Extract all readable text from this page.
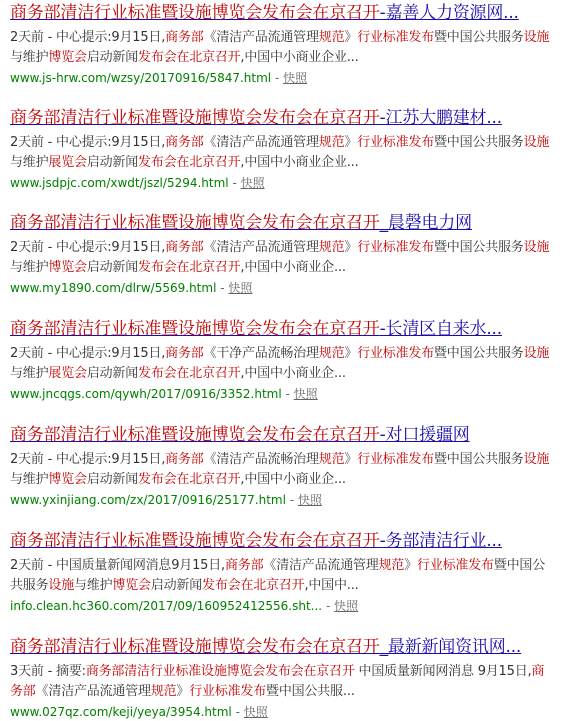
商务部清洁行业标准暨设施博览会发布会在京召开-嘉善人力资源网...
2天前 - 中心提示:9月15日,商务部《清洁产品流通管理规范》行业标准发布暨中国公共服务设施与维护博览会启动新闻发布会在北京召开,中国中小商业企业...
www.js-hrw.com/wzsy/20170916/5847.html - 快照
商务部清洁行业标准暨设施博览会发布会在京召开-江苏大鹏建材...
2天前 - 中心提示:9月15日,商务部《清洁产品流通管理规范》行业标准发布暨中国公共服务设施与维护展览会启动新闻发布会在北京召开,中国中小商业企业...
www.jsdpjc.com/xwdt/jszl/5294.html - 快照
商务部清洁行业标准暨设施博览会发布会在京召开_晨磬电力网
2天前 - 中心提示:9月15日,商务部《清洁产品流通管理规范》行业标准发布暨中国公共服务设施与维护博览会启动新闻发布会在北京召开,中国中小商业企...
www.my1890.com/dlrw/5569.html - 快照
商务部清洁行业标准暨设施博览会发布会在京召开-长清区自来水...
2天前 - 中心提示:9月15日,商务部《干净产品流畅治理规范》行业标准发布暨中国公共服务设施与维护展览会启动新闻发布会在北京召开,中国中小商业企...
www.jncqgs.com/qywh/2017/0916/3352.html - 快照
商务部清洁行业标准暨设施博览会发布会在京召开-对口援疆网
2天前 - 中心提示:9月15日,商务部《清洁产品流畅治理规范》行业标准发布暨中国公共服务设施与维护博览会启动新闻发布会在北京召开,中国中小商业企...
www.yxinjiang.com/zx/2017/0916/25177.html - 快照
商务部清洁行业标准暨设施博览会发布会在京召开-务部清洁行业...
2天前 - 中国质量新闻网消息9月15日,商务部《清洁产品流通管理规范》行业标准发布暨中国公共服务设施与维护博览会启动新闻发布会在北京召开,中国中...
info.clean.hc360.com/2017/09/160952412556.sht... - 快照
商务部清洁行业标准暨设施博览会发布会在京召开_最新新闻资讯网...
3天前 - 摘要:商务部清洁行业标准设施博览会发布会在京召开 中国质量新闻网消息 9月15日,商务部《清洁产品流通管理规范》行业标准发布暨中国公共服...
www.027qz.com/keji/yeya/3954.html - 快照
